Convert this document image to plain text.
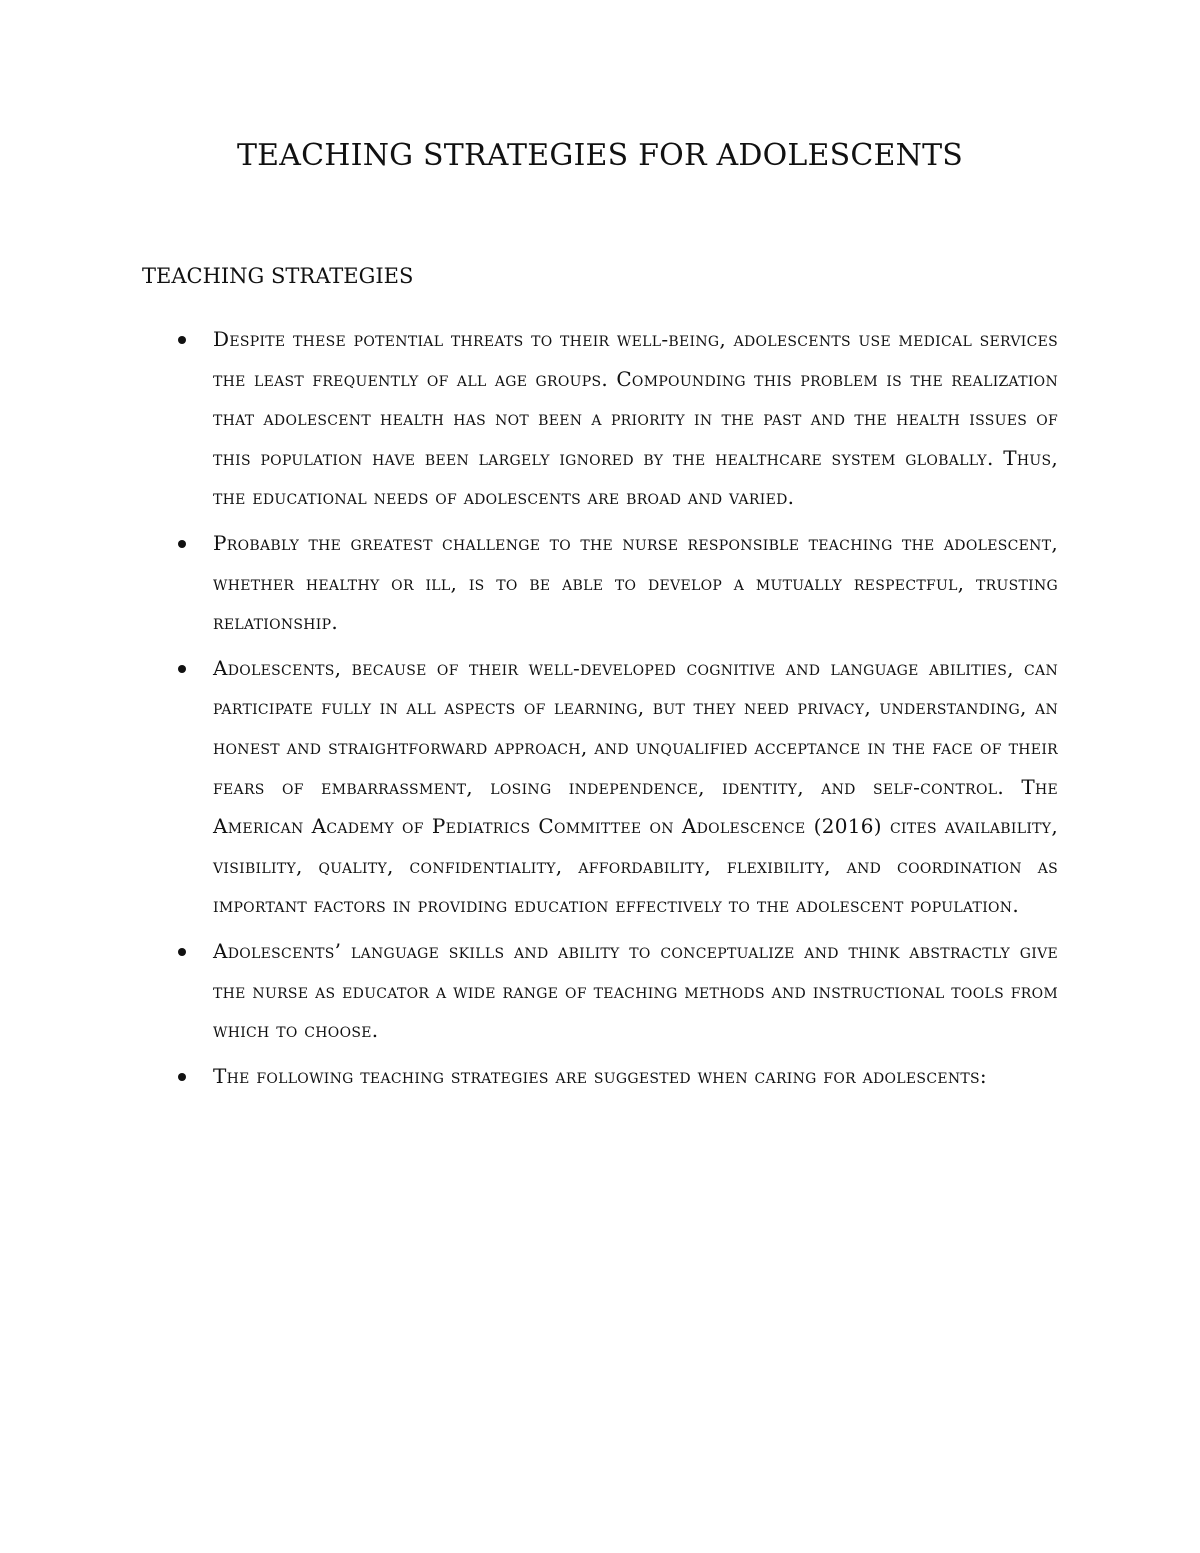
TEACHING STRATEGIES FOR ADOLESCENTS
TEACHING STRATEGIES
Despite these potential threats to their well-being, adolescents use medical services the least frequently of all age groups. Compounding this problem is the realization that adolescent health has not been a priority in the past and the health issues of this population have been largely ignored by the healthcare system globally. Thus, the educational needs of adolescents are broad and varied.
Probably the greatest challenge to the nurse responsible teaching the adolescent, whether healthy or ill, is to be able to develop a mutually respectful, trusting relationship.
Adolescents, because of their well-developed cognitive and language abilities, can participate fully in all aspects of learning, but they need privacy, understanding, an honest and straightforward approach, and unqualified acceptance in the face of their fears of embarrassment, losing independence, identity, and self-control. The American Academy of Pediatrics Committee on Adolescence (2016) cites availability, visibility, quality, confidentiality, affordability, flexibility, and coordination as important factors in providing education effectively to the adolescent population.
Adolescents’ language skills and ability to conceptualize and think abstractly give the nurse as educator a wide range of teaching methods and instructional tools from which to choose.
The following teaching strategies are suggested when caring for adolescents:
